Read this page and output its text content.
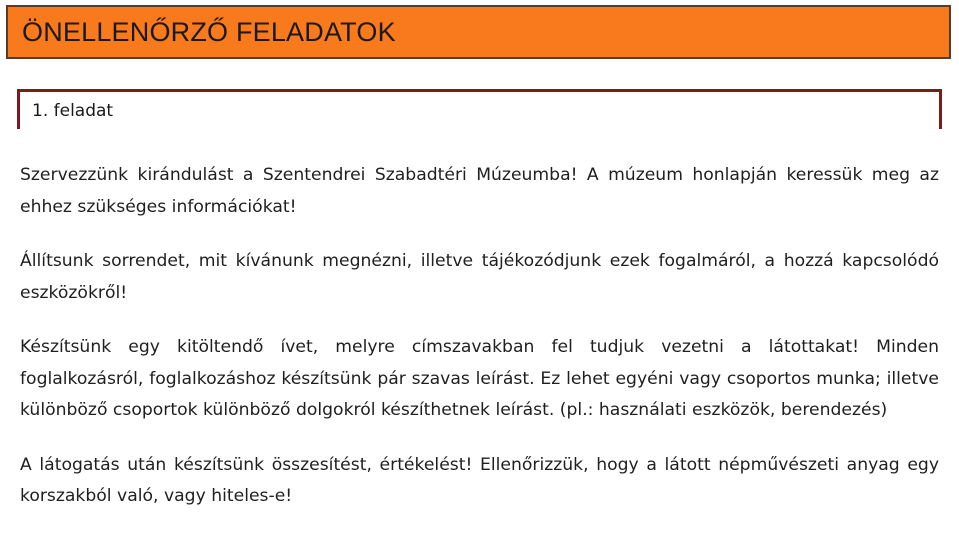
ÖNELLENŐRZŐ FELADATOK
1. feladat

Szervezzünk kirándulást a Szentendrei Szabadtéri Múzeumba! A múzeum honlapján keressük meg az ehhez szükséges információkat!

Állítsunk sorrendet, mit kívánunk megnézni, illetve tájékozódjunk ezek fogalmáról, a hozzá kapcsolódó eszközökről!

Készítsünk egy kitöltendő ívet, melyre címszavakban fel tudjuk vezetni a látottakat! Minden foglalkozásról, foglalkozáshoz készítsünk pár szavas leírást. Ez lehet egyéni vagy csoportos munka; illetve különböző csoportok különböző dolgokról készíthetnek leírást. (pl.: használati eszközök, berendezés)

A látogatás után készítsünk összesítést, értékelést! Ellenőrizzük, hogy a látott népművészeti anyag egy korszakból való, vagy hiteles-e!
